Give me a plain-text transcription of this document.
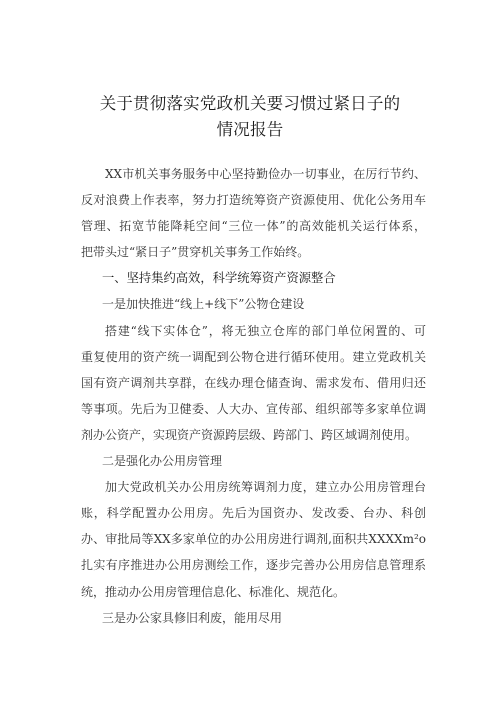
关于贯彻落实党政机关要习惯过紧日子的
情况报告
XX市机关事务服务中心坚持勤俭办一切事业，在厉行节约、
反对浪费上作表率，努力打造统筹资产资源使用、优化公务用车
管理、拓宽节能降耗空间“三位一体”的高效能机关运行体系，
把带头过“紧日子”贯穿机关事务工作始终。
一、坚持集约高效，科学统筹资产资源整合
一是加快推进“线上+线下”公物仓建设
搭建“线下实体仓”，将无独立仓库的部门单位闲置的、可
重复使用的资产统一调配到公物仓进行循环使用。建立党政机关
国有资产调剂共享群，在线办理仓储查询、需求发布、借用归还
等事项。先后为卫健委、人大办、宣传部、组织部等多家单位调
剂办公资产，实现资产资源跨层级、跨部门、跨区域调剂使用。
二是强化办公用房管理
加大党政机关办公用房统筹调剂力度，建立办公用房管理台
账，科学配置办公用房。先后为国资办、发改委、台办、科创
办、审批局等XX多家单位的办公用房进行调剂,面积共XXXXm²o
扎实有序推进办公用房测绘工作，逐步完善办公用房信息管理系
统，推动办公用房管理信息化、标准化、规范化。
三是办公家具修旧利废，能用尽用
